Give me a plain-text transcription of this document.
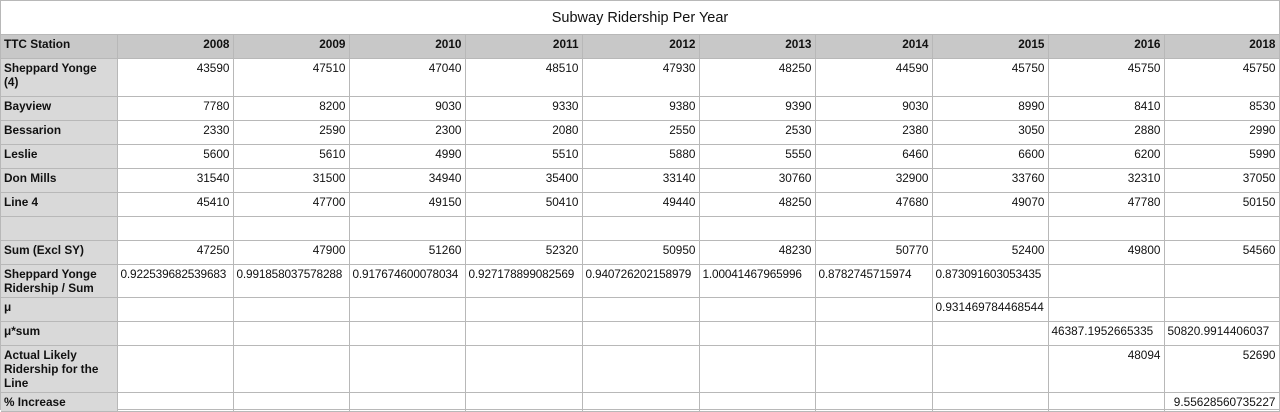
Subway Ridership Per Year
TTC Station	2008	2009	2010	2011	2012	2013	2014	2015	2016	2018
Sheppard Yonge (4)	43590	47510	47040	48510	47930	48250	44590	45750	45750	45750
Bayview	7780	8200	9030	9330	9380	9390	9030	8990	8410	8530
Bessarion	2330	2590	2300	2080	2550	2530	2380	3050	2880	2990
Leslie	5600	5610	4990	5510	5880	5550	6460	6600	6200	5990
Don Mills	31540	31500	34940	35400	33140	30760	32900	33760	32310	37050
Line 4	45410	47700	49150	50410	49440	48250	47680	49070	47780	50150

Sum (Excl SY)	47250	47900	51260	52320	50950	48230	50770	52400	49800	54560
Sheppard Yonge Ridership / Sum	0.922539682539683	0.991858037578288	0.917674600078034	0.927178899082569	0.940726202158979	1.00041467965996	0.8782745715974	0.873091603053435		
μ								0.931469784468544		
μ*sum									46387.1952665335	50820.9914406037
Actual Likely Ridership for the Line									48094	52690
% Increase										9.55628560735227
